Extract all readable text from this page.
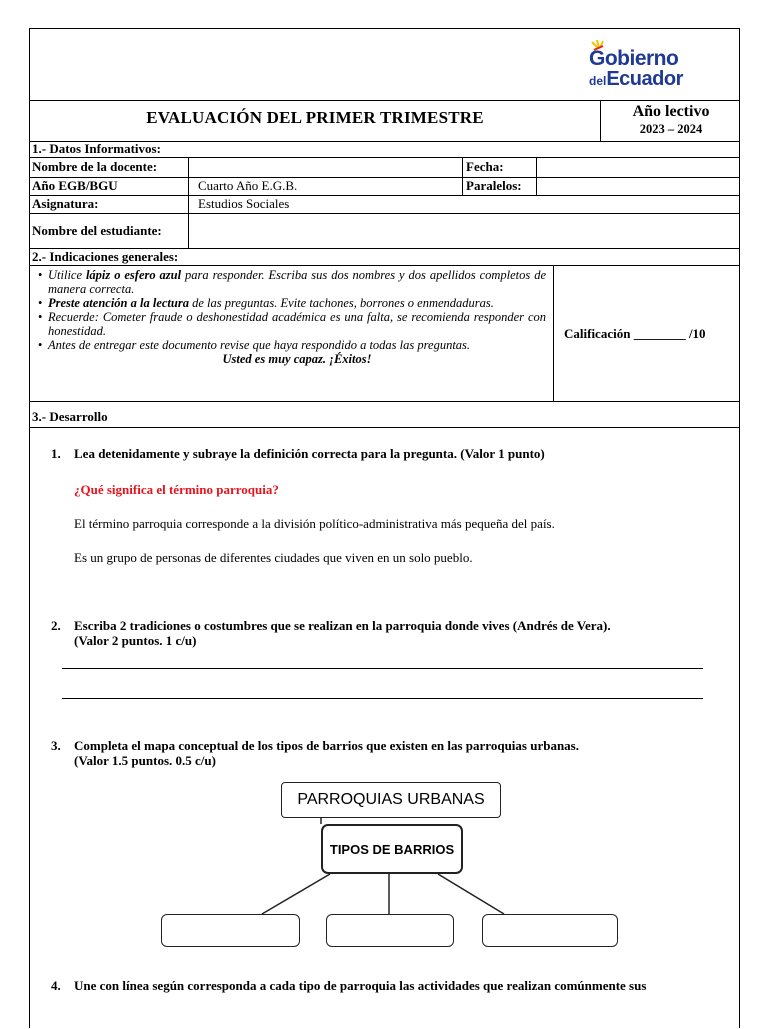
Gobierno
delEcuador
EVALUACIÓN DEL PRIMER TRIMESTRE	Año lectivo
2023 – 2024
1.- Datos Informativos:
Nombre de la docente:	Fecha:
Año EGB/BGU	Cuarto Año E.G.B.	Paralelos:
Asignatura:	Estudios Sociales
Nombre del estudiante:
2.- Indicaciones generales:
• Utilice lápiz o esfero azul para responder. Escriba sus dos nombres y dos apellidos completos de manera correcta.
• Preste atención a la lectura de las preguntas. Evite tachones, borrones o enmendaduras.
• Recuerde: Cometer fraude o deshonestidad académica es una falta, se recomienda responder con honestidad.
• Antes de entregar este documento revise que haya respondido a todas las preguntas.
Usted es muy capaz. ¡Éxitos!
Calificación ________ /10
3.- Desarrollo
1. Lea detenidamente y subraye la definición correcta para la pregunta. (Valor 1 punto)
¿Qué significa el término parroquia?
El término parroquia corresponde a la división político-administrativa más pequeña del país.
Es un grupo de personas de diferentes ciudades que viven en un solo pueblo.
2. Escriba 2 tradiciones o costumbres que se realizan en la parroquia donde vives (Andrés de Vera).
(Valor 2 puntos. 1 c/u)
3. Completa el mapa conceptual de los tipos de barrios que existen en las parroquias urbanas.
(Valor 1.5 puntos. 0.5 c/u)
PARROQUIAS URBANAS
TIPOS DE BARRIOS
4. Une con línea según corresponda a cada tipo de parroquia las actividades que realizan comúnmente sus
